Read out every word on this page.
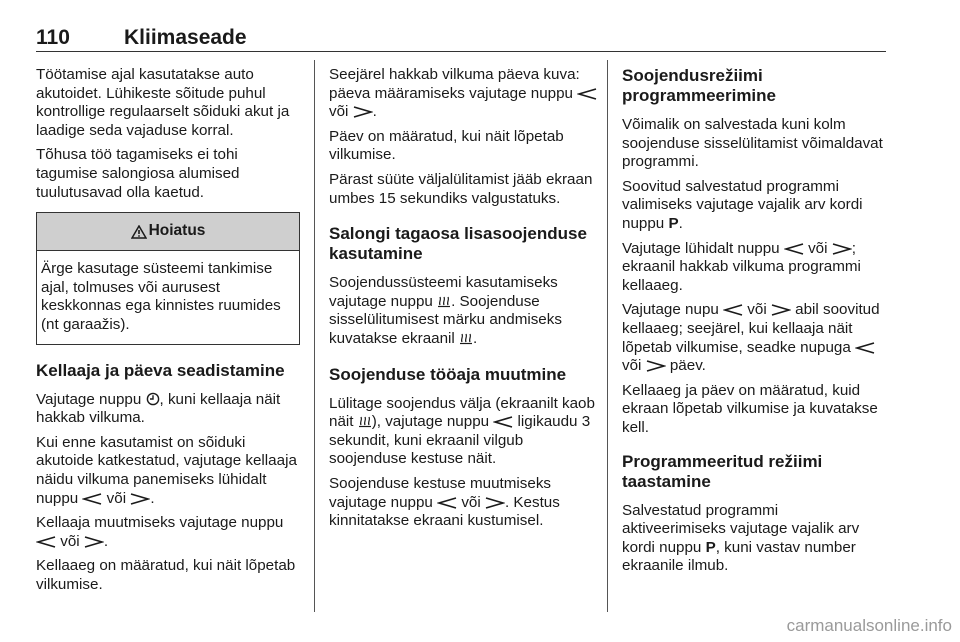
110	Kliimaseade

Töötamise ajal kasutatakse auto akutoidet. Lühikeste sõitude puhul kontrollige regulaarselt sõiduki akut ja laadige seda vajaduse korral.

Tõhusa töö tagamiseks ei tohi tagumise salongiosa alumised tuulutusavad olla kaetud.

Hoiatus
Ärge kasutage süsteemi tankimise ajal, tolmuses või aurusest keskkonnas ega kinnistes ruumides (nt garaažis).
Kellaaja ja päeva seadistamine

Vajutage nuppu
, kuni kellaaja näit hakkab vilkuma.

Kui enne kasutamist on sõiduki akutoide katkestatud, vajutage kellaaja näidu vilkuma panemiseks lühidalt nuppu
või
.

Kellaaja muutmiseks vajutage nuppu
või
.

Kellaaeg on määratud, kui näit lõpetab vilkumise.

Seejärel hakkab vilkuma päeva kuva: päeva määramiseks vajutage nuppu
või
.

Päev on määratud, kui näit lõpetab vilkumise.

Pärast süüte väljalülitamist jääb ekraan umbes 15 sekundiks valgustatuks.

Salongi tagaosa lisasoojenduse kasutamine

Soojendussüsteemi kasutamiseks vajutage nuppu
. Soojenduse sisselülitumisest märku andmiseks kuvatakse ekraanil
.

Soojenduse tööaja muutmine

Lülitage soojendus välja (ekraanilt kaob näit
), vajutage nuppu
ligikaudu 3 sekundit, kuni ekraanil vilgub soojenduse kestuse näit.

Soojenduse kestuse muutmiseks vajutage nuppu
või
. Kestus kinnitatakse ekraani kustumisel.

Soojendusrežiimi programmeerimine

Võimalik on salvestada kuni kolm soojenduse sisselülitamist võimaldavat programmi.

Soovitud salvestatud programmi valimiseks vajutage vajalik arv kordi nuppu P.

Vajutage lühidalt nuppu
või
; ekraanil hakkab vilkuma programmi kellaaeg.

Vajutage nupu
või
abil soovitud kellaaeg; seejärel, kui kellaaja näit lõpetab vilkumise, seadke nupuga
või
päev.

Kellaaeg ja päev on määratud, kuid ekraan lõpetab vilkumise ja kuvatakse kell.

Programmeeritud režiimi taastamine

Salvestatud programmi aktiveerimiseks vajutage vajalik arv kordi nuppu P, kuni vastav number ekraanile ilmub.

carmanualsonline.info
